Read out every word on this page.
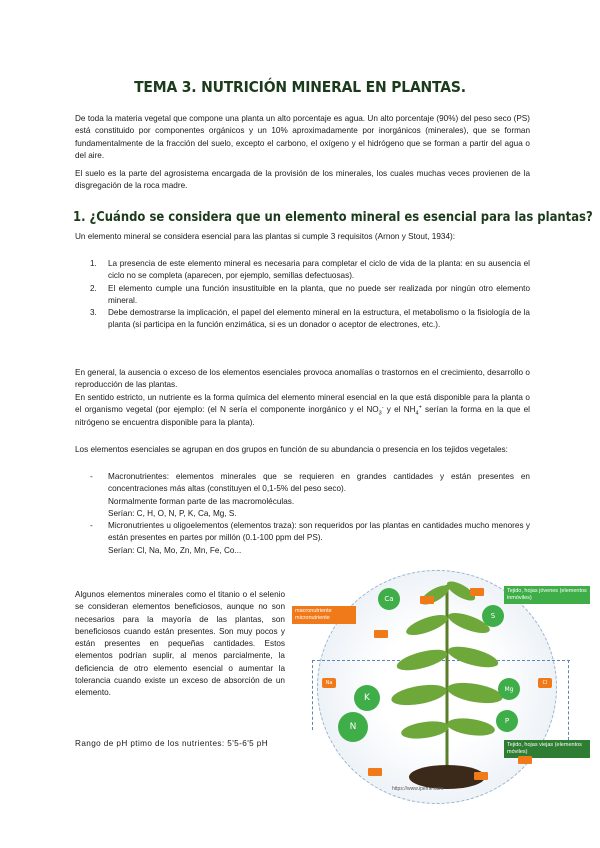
TEMA 3. NUTRICIÓN MINERAL EN PLANTAS.

De toda la materia vegetal que compone una planta un alto porcentaje es agua. Un alto porcentaje (90%) del peso seco (PS) está constituido por componentes orgánicos y un 10% aproximadamente por inorgánicos (minerales), que se forman fundamentalmente de la fracción del suelo, excepto el carbono, el oxígeno y el hidrógeno que se forman a partir del agua o del aire.

El suelo es la parte del agrosistema encargada de la provisión de los minerales, los cuales muchas veces provienen de la disgregación de la roca madre.

1. ¿Cuándo se considera que un elemento mineral es esencial para las plantas?

Un elemento mineral se considera esencial para las plantas si cumple 3 requisitos (Arnon y Stout, 1934):

1. La presencia de este elemento mineral es necesaria para completar el ciclo de vida de la planta: en su ausencia el ciclo no se completa (aparecen, por ejemplo, semillas defectuosas).
2. El elemento cumple una función insustituible en la planta, que no puede ser realizada por ningún otro elemento mineral.
3. Debe demostrarse la implicación, el papel del elemento mineral en la estructura, el metabolismo o la fisiología de la planta (si participa en la función enzimática, si es un donador o aceptor de electrones, etc.).

En general, la ausencia o exceso de los elementos esenciales provoca anomalías o trastornos en el crecimiento, desarrollo o reproducción de las plantas.

En sentido estricto, un nutriente es la forma química del elemento mineral esencial en la que está disponible para la planta o el organismo vegetal (por ejemplo: (el N sería el componente inorgánico y el $NO_3^-$ y el $NH_4^+$ serían la forma en la que el nitrógeno se encuentra disponible para la planta).

Los elementos esenciales se agrupan en dos grupos en función de su abundancia o presencia en los tejidos vegetales:

- Macronutrientes: elementos minerales que se requieren en grandes cantidades y están presentes en concentraciones más altas (constituyen el 0,1-5% del peso seco).
Normalmente forman parte de las macromoléculas.
Serían: C, H, O, N, P, K, Ca, Mg, S.
- Micronutrientes u oligoelementos (elementos traza): son requeridos por las plantas en cantidades mucho menores y están presentes en partes por millón (0.1-100 ppm del PS).
Serían: Cl, Na, Mo, Zn, Mn, Fe, Co...

Algunos elementos minerales como el titanio o el selenio se consideran elementos beneficiosos, aunque no son necesarios para la mayoría de las plantas, son beneficiosos cuando están presentes. Son muy pocos y están presentes en pequeñas cantidades. Estos elementos podrían suplir, al menos parcialmente, la deficiencia de otro elemento esencial o aumentar la tolerancia cuando existe un exceso de absorción de un elemento.

Rango de pH ptimo de los nutrientes: 5'5-6'5 pH

Tejido, hojas jóvenes (elementos inmóviles)
macronutriente micronutriente
Tejido, hojas viejas (elementos móviles)
Ca
S
K
N
Mg
P
Na	Cl
https://www.ipeme.com
